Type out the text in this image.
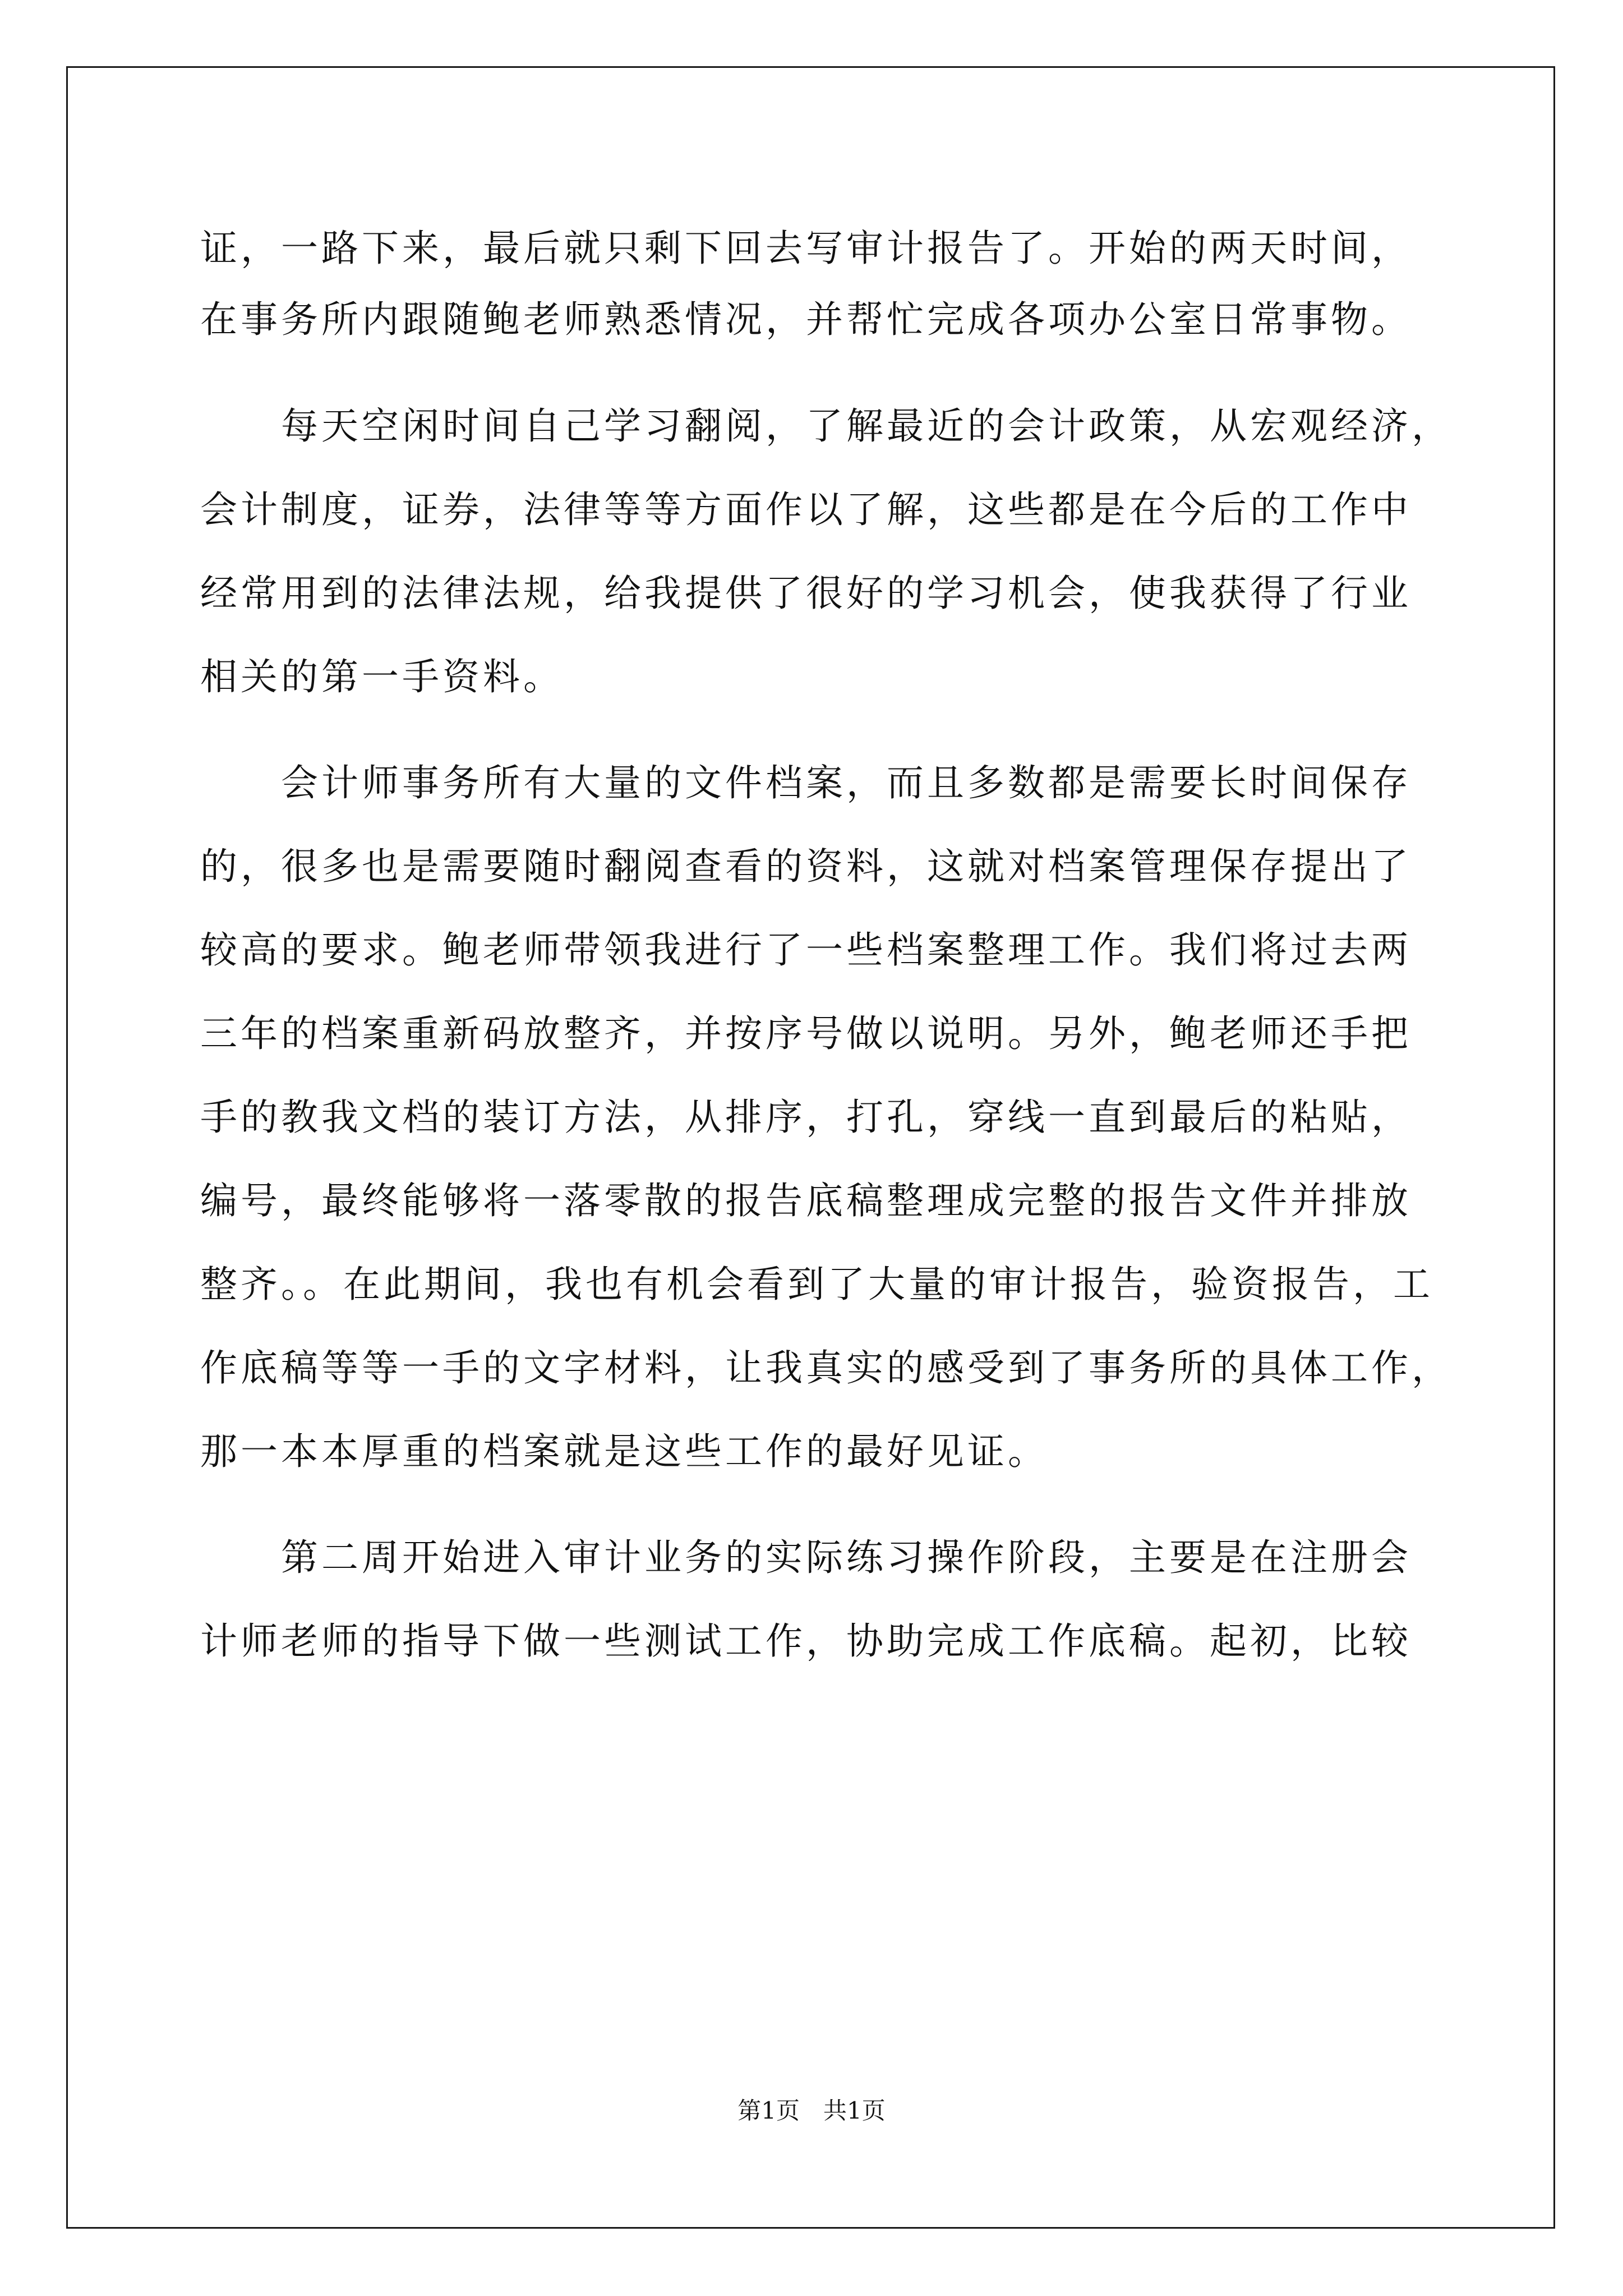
证，一路下来，最后就只剩下回去写审计报告了。开始的两天时间，
在事务所内跟随鲍老师熟悉情况，并帮忙完成各项办公室日常事物。
　　每天空闲时间自己学习翻阅，了解最近的会计政策，从宏观经济，
会计制度，证券，法律等等方面作以了解，这些都是在今后的工作中
经常用到的法律法规，给我提供了很好的学习机会，使我获得了行业
相关的第一手资料。
　　会计师事务所有大量的文件档案，而且多数都是需要长时间保存
的，很多也是需要随时翻阅查看的资料，这就对档案管理保存提出了
较高的要求。鲍老师带领我进行了一些档案整理工作。我们将过去两
三年的档案重新码放整齐，并按序号做以说明。另外，鲍老师还手把
手的教我文档的装订方法，从排序，打孔，穿线一直到最后的粘贴，
编号，最终能够将一落零散的报告底稿整理成完整的报告文件并排放
整齐。。在此期间，我也有机会看到了大量的审计报告，验资报告，工
作底稿等等一手的文字材料，让我真实的感受到了事务所的具体工作，
那一本本厚重的档案就是这些工作的最好见证。
　　第二周开始进入审计业务的实际练习操作阶段，主要是在注册会
计师老师的指导下做一些测试工作，协助完成工作底稿。起初，比较
第1页　共1页
